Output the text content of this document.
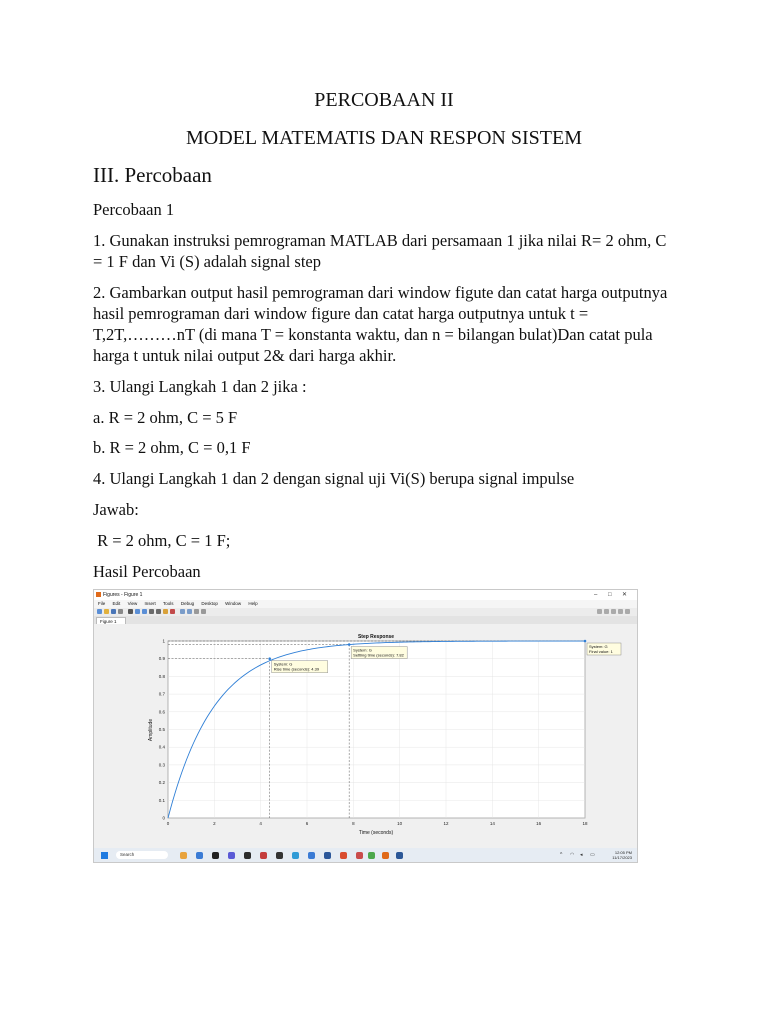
PERCOBAAN II
MODEL MATEMATIS DAN RESPON SISTEM
III. Percobaan
Percobaan 1
1. Gunakan instruksi pemrograman MATLAB dari persamaan 1 jika nilai R= 2 ohm, C = 1 F dan Vi (S) adalah signal step
2. Gambarkan output hasil pemrograman dari window figute dan catat harga outputnya hasil pemrograman dari window figure dan catat harga outputnya untuk t = T,2T,………nT (di mana T = konstanta waktu, dan n = bilangan bulat)Dan catat pula harga t untuk nilai output 2& dari harga akhir.
3. Ulangi Langkah 1 dan 2 jika :
a. R = 2 ohm, C = 5 F
b. R = 2 ohm, C = 0,1 F
4. Ulangi Langkah 1 dan 2 dengan signal uji Vi(S) berupa signal impulse
Jawab:
R = 2 ohm, C = 1 F;
Hasil Percobaan
Figures - Figure 1	– □ ✕
File Edit View Insert Tools Debug Desktop Window Help
Figure 1
0	2	4	6	8	10	12	14	16	18
0
0.1
0.2
0.3
0.4
0.5
0.6
0.7
0.8
0.9
1
System: G
Rise time (seconds): 4.39
System: G
Settling time (seconds): 7.82
System: G
Final value: 1
Step Response
Time (seconds)
Amplitude
Search	^ ◠ ◂ ▭	12:05 PM
11/17/2023
